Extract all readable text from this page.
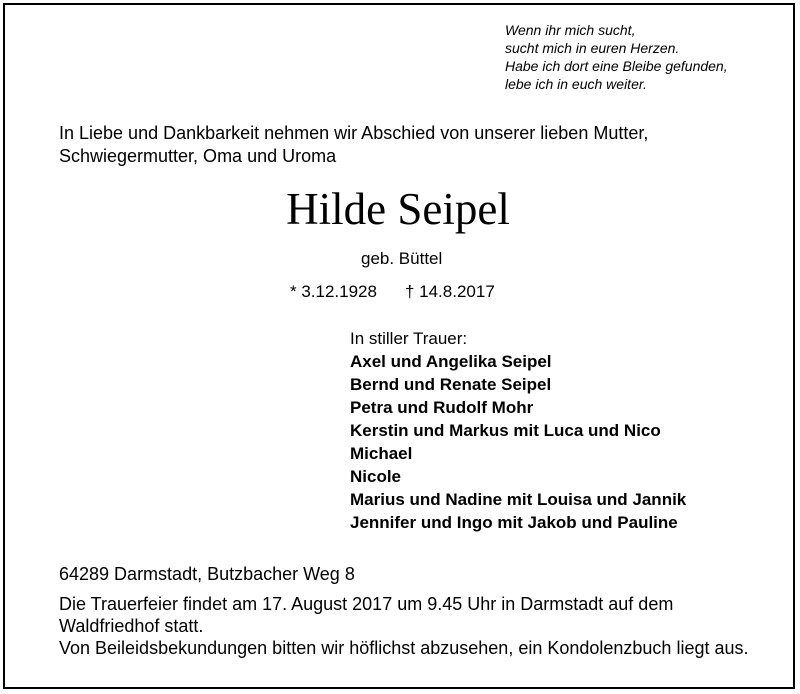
Wenn ihr mich sucht,
sucht mich in euren Herzen.
Habe ich dort eine Bleibe gefunden,
lebe ich in euch weiter.
In Liebe und Dankbarkeit nehmen wir Abschied von unserer lieben Mutter, Schwiegermutter, Oma und Uroma
Hilde Seipel
geb. Büttel
* 3.12.1928 † 14.8.2017
In stiller Trauer:
Axel und Angelika Seipel
Bernd und Renate Seipel
Petra und Rudolf Mohr
Kerstin und Markus mit Luca und Nico
Michael
Nicole
Marius und Nadine mit Louisa und Jannik
Jennifer und Ingo mit Jakob und Pauline
64289 Darmstadt, Butzbacher Weg 8

Die Trauerfeier findet am 17. August 2017 um 9.45 Uhr in Darmstadt auf dem Waldfriedhof statt.

Von Beileidsbekundungen bitten wir höflichst abzusehen, ein Kondolenzbuch liegt aus.
